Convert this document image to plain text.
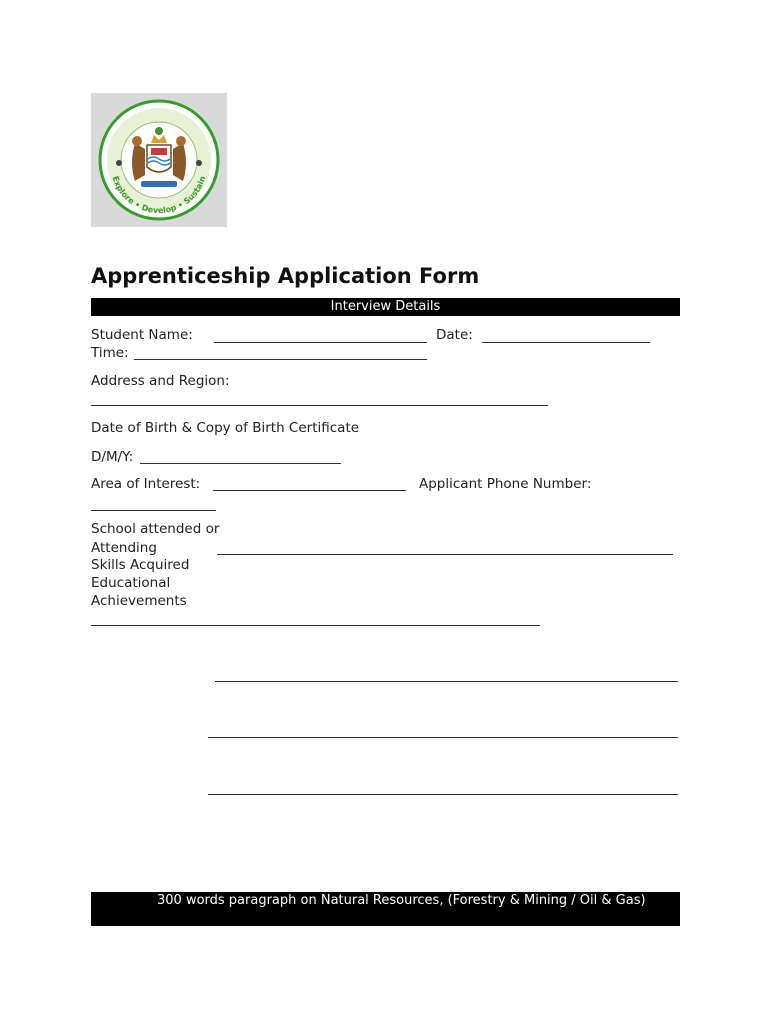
Explore • Develop • Sustain
Apprenticeship Application Form
Interview Details
Student Name:	Date:
Time:
Address and Region:
Date of Birth & Copy of Birth Certificate
D/M/Y:
Area of Interest:	Applicant Phone Number:
School attended or
Attending
Skills Acquired
Educational
Achievements
300 words paragraph on Natural Resources, (Forestry & Mining / Oil & Gas)
